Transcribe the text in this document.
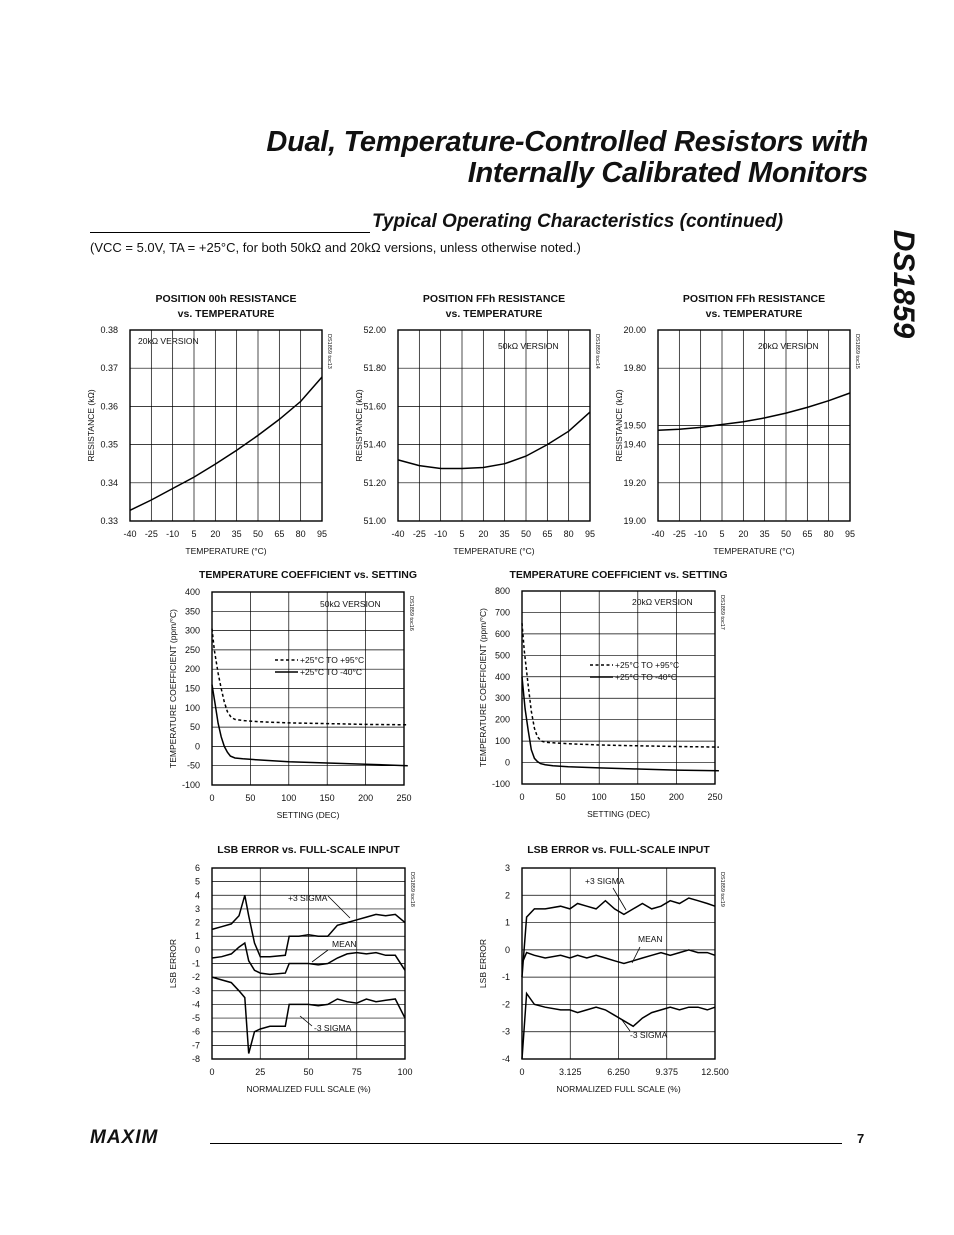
Dual, Temperature-Controlled Resistors with
Internally Calibrated Monitors
Typical Operating Characteristics (continued)
(VCC = 5.0V, TA = +25°C, for both 50kΩ and 20kΩ versions, unless otherwise noted.)	DS1859
POSITION 00h RESISTANCE
vs. TEMPERATURE
-40 -25 -10 5 20 35 50 65 80 95
0.33
0.34
0.35
0.36
0.37
0.38
TEMPERATURE (°C)
RESISTANCE (kΩ)
DS1859 toc13
20kΩ VERSION
POSITION FFh RESISTANCE
vs. TEMPERATURE
-40 -25 -10 5 20 35 50 65 80 95
51.00
51.20
51.40
51.60
51.80
52.00
TEMPERATURE (°C)
RESISTANCE (kΩ)
DS1859 toc14
50kΩ VERSION
POSITION FFh RESISTANCE
vs. TEMPERATURE
-40 -25 -10 5 20 35 50 65 80 95
19.00
19.20
19.40
19.50
19.80
20.00
TEMPERATURE (°C)
RESISTANCE (kΩ)
DS1859 toc15
20kΩ VERSION
TEMPERATURE COEFFICIENT vs. SETTING
0	50	100	150	200	250
-100
-50
0
50
100
150
200
250
300
350
400
SETTING (DEC)
TEMPERATURE COEFFICIENT (ppm/°C)	DS1859 toc16
50kΩ VERSION
+25°C TO +95°C
+25°C TO -40°C
TEMPERATURE COEFFICIENT vs. SETTING
0	50	100	150	200	250
-100
0
100
200
300
400
500
600
700
800
SETTING (DEC)
TEMPERATURE COEFFICIENT (ppm/°C)	DS1859 toc17
20kΩ VERSION
+25°C TO +95°C
+25°C TO -40°C
LSB ERROR vs. FULL-SCALE INPUT
0	25	50	75	100
-8
-7
-6
-5
-4
-3
-2
-1
0
1
2
3
4
5
6
NORMALIZED FULL SCALE (%)
LSB ERROR
DS1859 toc18
+3 SIGMA
MEAN
-3 SIGMA
LSB ERROR vs. FULL-SCALE INPUT
0	3.125	6.250	9.375	12.500
-4
-3
-2
-1
0
1
2
3
NORMALIZED FULL SCALE (%)
LSB ERROR
DS1859 toc19
+3 SIGMA
MEAN
-3 SIGMA
MAXIM	7
